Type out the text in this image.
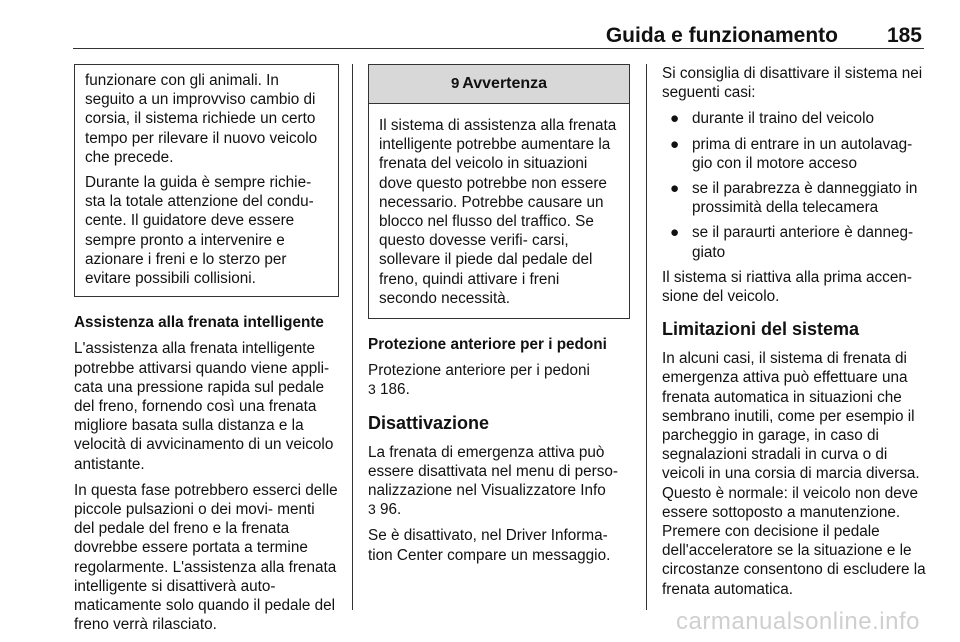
Guida e funzionamento 185

funzionare con gli animali. In seguito a un improvviso cambio di corsia, il sistema richiede un certo tempo per rilevare il nuovo veicolo che precede.

Durante la guida è sempre richie‑ sta la totale attenzione del condu‑ cente. Il guidatore deve essere sempre pronto a intervenire e azionare i freni e lo sterzo per evitare possibili collisioni.

Assistenza alla frenata intelligente

L'assistenza alla frenata intelligente potrebbe attivarsi quando viene appli‑ cata una pressione rapida sul pedale del freno, fornendo così una frenata migliore basata sulla distanza e la velocità di avvicinamento di un veicolo antistante.

In questa fase potrebbero esserci delle piccole pulsazioni o dei movi‑ menti del pedale del freno e la frenata dovrebbe essere portata a termine regolarmente. L'assistenza alla frenata intelligente si disattiverà auto‑ maticamente solo quando il pedale del freno verrà rilasciato.

9 Avvertenza
Il sistema di assistenza alla frenata intelligente potrebbe aumentare la frenata del veicolo in situazioni dove questo potrebbe non essere necessario. Potrebbe causare un blocco nel flusso del traffico. Se questo dovesse verifi‑ carsi, sollevare il piede dal pedale del freno, quindi attivare i freni secondo necessità.

Protezione anteriore per i pedoni

Protezione anteriore per i pedoni
3 186.

Disattivazione

La frenata di emergenza attiva può essere disattivata nel menu di perso‑ nalizzazione nel Visualizzatore Info
3 96.

Se è disattivato, nel Driver Informa‑ tion Center compare un messaggio.

Si consiglia di disattivare il sistema nei seguenti casi:

● durante il traino del veicolo
● prima di entrare in un autolavag‑ gio con il motore acceso
● se il parabrezza è danneggiato in prossimità della telecamera
● se il paraurti anteriore è danneg‑ giato

Il sistema si riattiva alla prima accen‑ sione del veicolo.

Limitazioni del sistema

In alcuni casi, il sistema di frenata di emergenza attiva può effettuare una frenata automatica in situazioni che sembrano inutili, come per esempio il parcheggio in garage, in caso di segnalazioni stradali in curva o di veicoli in una corsia di marcia diversa. Questo è normale: il veicolo non deve essere sottoposto a manutenzione. Premere con decisione il pedale dell'acceleratore se la situazione e le circostanze consentono di escludere la frenata automatica.

carmanualsonline.info
